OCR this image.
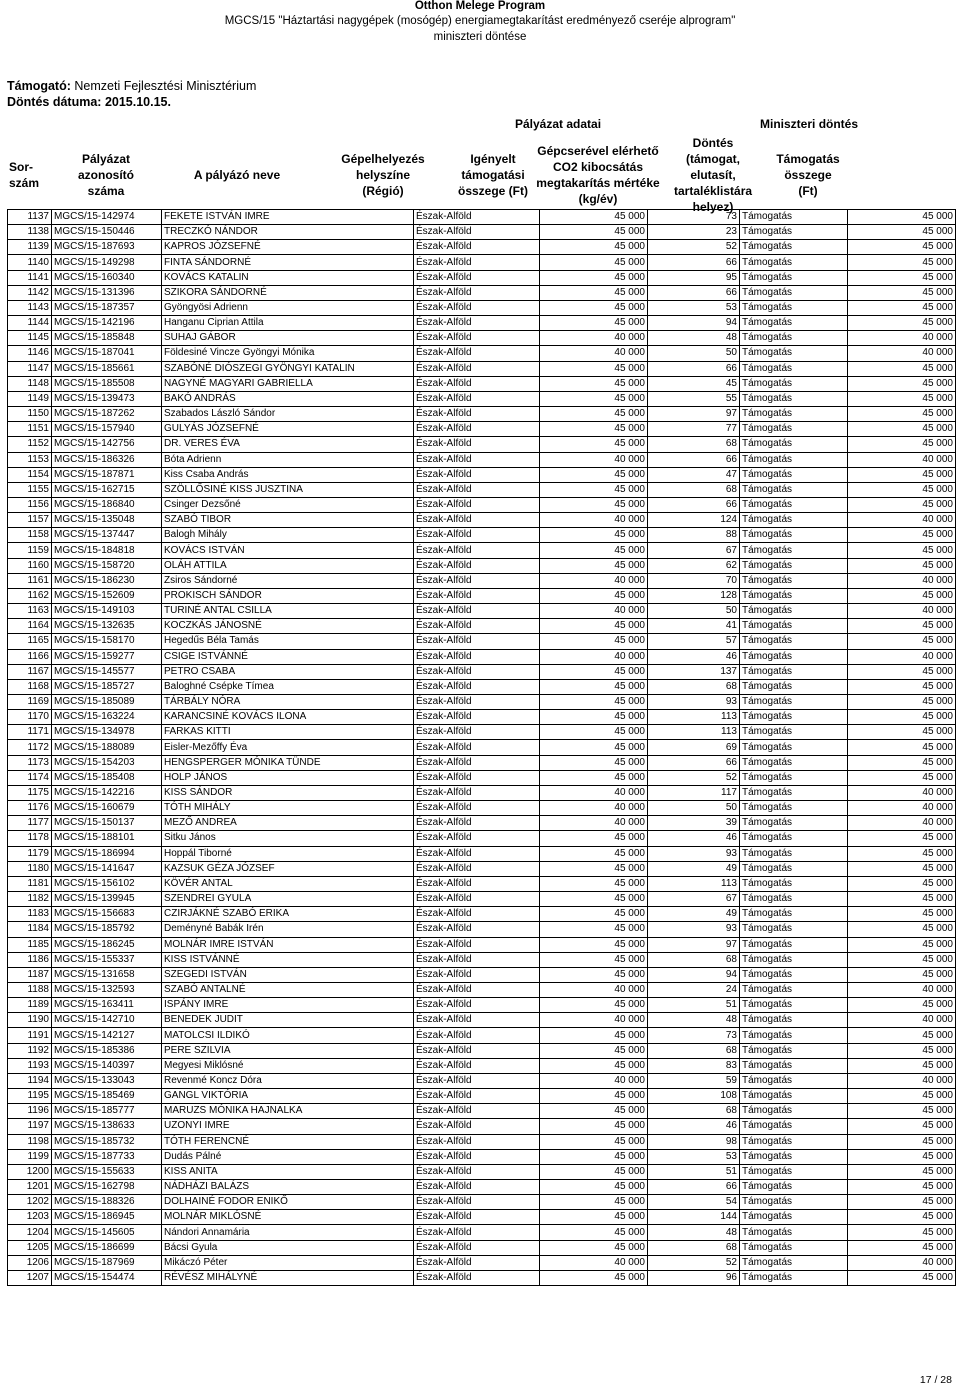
Otthon Melege Program
MGCS/15 "Háztartási nagygépek (mosógép) energiamegtakarítást eredményező cseréje alprogram"
miniszteri döntése
Támogató: Nemzeti Fejlesztési Minisztérium
Döntés dátuma: 2015.10.15.
				Pályázat adatai		Miniszteri döntés		
Sor-
szám	Pályázat azonosító
száma	A pályázó neve	Gépelhelyezés
helyszíne
(Régió)	Igényelt
támogatási
összege (Ft)	Gépcserével elérhető
CO2 kibocsátás
megtakarítás mértéke
(kg/év)	Döntés
(támogat, elutasít,
tartaléklistára
helyez)	Támogatás
összege
(Ft)	
1137	MGCS/15-142974	FEKETE ISTVÁN IMRE	Észak-Alföld	45 000	73	Támogatás	45 000
1138	MGCS/15-150446	TRECZKÓ NÁNDOR	Észak-Alföld	45 000	23	Támogatás	45 000
1139	MGCS/15-187693	KAPROS JÓZSEFNÉ	Észak-Alföld	45 000	52	Támogatás	45 000
1140	MGCS/15-149298	FINTA SÁNDORNÉ	Észak-Alföld	45 000	66	Támogatás	45 000
1141	MGCS/15-160340	KOVÁCS KATALIN	Észak-Alföld	45 000	95	Támogatás	45 000
1142	MGCS/15-131396	SZIKORA SÁNDORNÉ	Észak-Alföld	45 000	66	Támogatás	45 000
1143	MGCS/15-187357	Gyöngyösi Adrienn	Észak-Alföld	45 000	53	Támogatás	45 000
1144	MGCS/15-142196	Hanganu Ciprian Attila	Észak-Alföld	45 000	94	Támogatás	45 000
1145	MGCS/15-185848	SUHAJ GÁBOR	Észak-Alföld	40 000	48	Támogatás	40 000
1146	MGCS/15-187041	Földesiné Vincze Gyöngyi Mónika	Észak-Alföld	40 000	50	Támogatás	40 000
1147	MGCS/15-185661	SZABÓNÉ DIÓSZEGI GYÖNGYI KATALIN	Észak-Alföld	45 000	66	Támogatás	45 000
1148	MGCS/15-185508	NAGYNÉ MAGYARI GABRIELLA	Észak-Alföld	45 000	45	Támogatás	45 000
1149	MGCS/15-139473	BAKÓ ANDRÁS	Észak-Alföld	45 000	55	Támogatás	45 000
1150	MGCS/15-187262	Szabados László Sándor	Észak-Alföld	45 000	97	Támogatás	45 000
1151	MGCS/15-157940	GULYÁS JÓZSEFNÉ	Észak-Alföld	45 000	77	Támogatás	45 000
1152	MGCS/15-142756	DR. VERES ÉVA	Észak-Alföld	45 000	68	Támogatás	45 000
1153	MGCS/15-186326	Bóta Adrienn	Észak-Alföld	40 000	66	Támogatás	40 000
1154	MGCS/15-187871	Kiss Csaba András	Észak-Alföld	45 000	47	Támogatás	45 000
1155	MGCS/15-162715	SZÖLLŐSINÉ KISS JUSZTINA	Észak-Alföld	45 000	68	Támogatás	45 000
1156	MGCS/15-186840	Csinger Dezsőné	Észak-Alföld	45 000	66	Támogatás	45 000
1157	MGCS/15-135048	SZABÓ TIBOR	Észak-Alföld	40 000	124	Támogatás	40 000
1158	MGCS/15-137447	Balogh Mihály	Észak-Alföld	45 000	88	Támogatás	45 000
1159	MGCS/15-184818	KOVÁCS ISTVÁN	Észak-Alföld	45 000	67	Támogatás	45 000
1160	MGCS/15-158720	OLÁH ATTILA	Észak-Alföld	45 000	62	Támogatás	45 000
1161	MGCS/15-186230	Zsiros Sándorné	Észak-Alföld	40 000	70	Támogatás	40 000
1162	MGCS/15-152609	PROKISCH SÁNDOR	Észak-Alföld	45 000	128	Támogatás	45 000
1163	MGCS/15-149103	TURINÉ ANTAL CSILLA	Észak-Alföld	40 000	50	Támogatás	40 000
1164	MGCS/15-132635	KOCZKÁS JÁNOSNÉ	Észak-Alföld	45 000	41	Támogatás	45 000
1165	MGCS/15-158170	Hegedűs Béla Tamás	Észak-Alföld	45 000	57	Támogatás	45 000
1166	MGCS/15-159277	CSIGE ISTVÁNNÉ	Észak-Alföld	40 000	46	Támogatás	40 000
1167	MGCS/15-145577	PETRO CSABA	Észak-Alföld	45 000	137	Támogatás	45 000
1168	MGCS/15-185727	Baloghné Csépke Tímea	Észak-Alföld	45 000	68	Támogatás	45 000
1169	MGCS/15-185089	TÁRBÁLY NÓRA	Észak-Alföld	45 000	93	Támogatás	45 000
1170	MGCS/15-163224	KARANCSINÉ KOVÁCS ILONA	Észak-Alföld	45 000	113	Támogatás	45 000
1171	MGCS/15-134978	FARKAS KITTI	Észak-Alföld	45 000	113	Támogatás	45 000
1172	MGCS/15-188089	Eisler-Mezőffy Éva	Észak-Alföld	45 000	69	Támogatás	45 000
1173	MGCS/15-154203	HENGSPERGER MÓNIKA TÜNDE	Észak-Alföld	45 000	66	Támogatás	45 000
1174	MGCS/15-185408	HOLP JÁNOS	Észak-Alföld	45 000	52	Támogatás	45 000
1175	MGCS/15-142216	KISS SÁNDOR	Észak-Alföld	40 000	117	Támogatás	40 000
1176	MGCS/15-160679	TÓTH MIHÁLY	Észak-Alföld	40 000	50	Támogatás	40 000
1177	MGCS/15-150137	MEZŐ ANDREA	Észak-Alföld	40 000	39	Támogatás	40 000
1178	MGCS/15-188101	Sitku János	Észak-Alföld	45 000	46	Támogatás	45 000
1179	MGCS/15-186994	Hoppál Tiborné	Észak-Alföld	45 000	93	Támogatás	45 000
1180	MGCS/15-141647	KAZSUK GÉZA JÓZSEF	Észak-Alföld	45 000	49	Támogatás	45 000
1181	MGCS/15-156102	KÖVÉR ANTAL	Észak-Alföld	45 000	113	Támogatás	45 000
1182	MGCS/15-139945	SZENDREI GYULA	Észak-Alföld	45 000	67	Támogatás	45 000
1183	MGCS/15-156683	CZIRJÁKNÉ SZABÓ ERIKA	Észak-Alföld	45 000	49	Támogatás	45 000
1184	MGCS/15-185792	Deményné Babák Irén	Észak-Alföld	45 000	93	Támogatás	45 000
1185	MGCS/15-186245	MOLNÁR IMRE ISTVÁN	Észak-Alföld	45 000	97	Támogatás	45 000
1186	MGCS/15-155337	KISS ISTVÁNNÉ	Észak-Alföld	45 000	68	Támogatás	45 000
1187	MGCS/15-131658	SZEGEDI ISTVÁN	Észak-Alföld	45 000	94	Támogatás	45 000
1188	MGCS/15-132593	SZABÓ ANTALNÉ	Észak-Alföld	40 000	24	Támogatás	40 000
1189	MGCS/15-163411	ISPÁNY IMRE	Észak-Alföld	45 000	51	Támogatás	45 000
1190	MGCS/15-142710	BENEDEK JUDIT	Észak-Alföld	40 000	48	Támogatás	40 000
1191	MGCS/15-142127	MATOLCSI ILDIKÓ	Észak-Alföld	45 000	73	Támogatás	45 000
1192	MGCS/15-185386	PERE SZILVIA	Észak-Alföld	45 000	68	Támogatás	45 000
1193	MGCS/15-140397	Megyesi Miklósné	Észak-Alföld	45 000	83	Támogatás	45 000
1194	MGCS/15-133043	Revenmé Koncz Dóra	Észak-Alföld	40 000	59	Támogatás	40 000
1195	MGCS/15-185469	GANGL VIKTÓRIA	Észak-Alföld	45 000	108	Támogatás	45 000
1196	MGCS/15-185777	MARUZS MÓNIKA HAJNALKA	Észak-Alföld	45 000	68	Támogatás	45 000
1197	MGCS/15-138633	UZONYI IMRE	Észak-Alföld	45 000	46	Támogatás	45 000
1198	MGCS/15-185732	TÓTH FERENCNÉ	Észak-Alföld	45 000	98	Támogatás	45 000
1199	MGCS/15-187733	Dudás Pálné	Észak-Alföld	45 000	53	Támogatás	45 000
1200	MGCS/15-155633	KISS ANITA	Észak-Alföld	45 000	51	Támogatás	45 000
1201	MGCS/15-162798	NÁDHÁZI BALÁZS	Észak-Alföld	45 000	66	Támogatás	45 000
1202	MGCS/15-188326	DOLHAINÉ FODOR ENIKŐ	Észak-Alföld	45 000	54	Támogatás	45 000
1203	MGCS/15-186945	MOLNÁR MIKLÓSNÉ	Észak-Alföld	45 000	144	Támogatás	45 000
1204	MGCS/15-145605	Nándori Annamária	Észak-Alföld	45 000	48	Támogatás	45 000
1205	MGCS/15-186699	Bácsi Gyula	Észak-Alföld	45 000	68	Támogatás	45 000
1206	MGCS/15-187969	Mikáczó Péter	Észak-Alföld	40 000	52	Támogatás	40 000
1207	MGCS/15-154474	RÉVÉSZ MIHÁLYNÉ	Észak-Alföld	45 000	96	Támogatás	45 000
17 / 28
